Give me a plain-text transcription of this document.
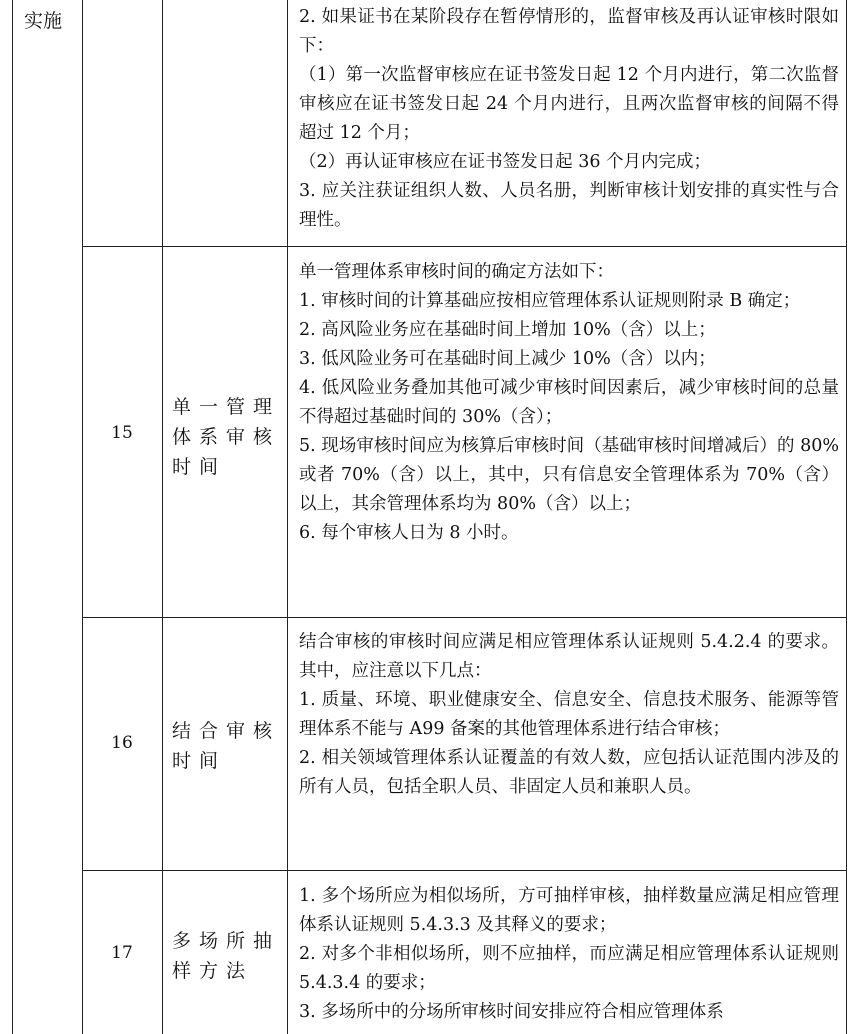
实施	2. 如果证书在某阶段存在暂停情形的，监督审核及再认证审核时限如下：

（1）第一次监督审核应在证书签发日起 12 个月内进行，第二次监督审核应在证书签发日起 24 个月内进行，且两次监督审核的间隔不得超过 12 个月；

（2）再认证审核应在证书签发日起 36 个月内完成；

3. 应关注获证组织人数、人员名册，判断审核计划安排的真实性与合理性。

15
单一管理体系审核时间

单一管理体系审核时间的确定方法如下：

1. 审核时间的计算基础应按相应管理体系认证规则附录 B 确定；

2. 高风险业务应在基础时间上增加 10%（含）以上；

3. 低风险业务可在基础时间上减少 10%（含）以内；

4. 低风险业务叠加其他可减少审核时间因素后，减少审核时间的总量不得超过基础时间的 30%（含）；

5. 现场审核时间应为核算后审核时间（基础审核时间增减后）的 80%或者 70%（含）以上，其中，只有信息安全管理体系为 70%（含）以上，其余管理体系均为 80%（含）以上；

6. 每个审核人日为 8 小时。

16
结合审核时间

结合审核的审核时间应满足相应管理体系认证规则 5.4.2.4 的要求。其中，应注意以下几点：

1. 质量、环境、职业健康安全、信息安全、信息技术服务、能源等管理体系不能与 A99 备案的其他管理体系进行结合审核；

2. 相关领域管理体系认证覆盖的有效人数，应包括认证范围内涉及的所有人员，包括全职人员、非固定人员和兼职人员。

17
多场所抽样方法

1. 多个场所应为相似场所，方可抽样审核，抽样数量应满足相应管理体系认证规则 5.4.3.3 及其释义的要求；

2. 对多个非相似场所，则不应抽样，而应满足相应管理体系认证规则 5.4.3.4 的要求；

3. 多场所中的分场所审核时间安排应符合相应管理体系
